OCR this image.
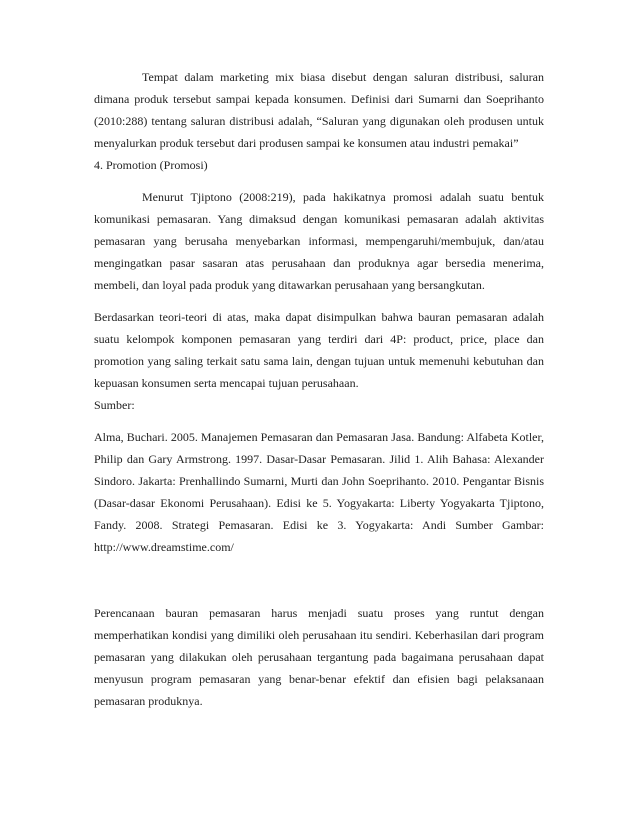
Tempat dalam marketing mix biasa disebut dengan saluran distribusi, saluran dimana produk tersebut sampai kepada konsumen. Definisi dari Sumarni dan Soeprihanto (2010:288) tentang saluran distribusi adalah, “Saluran yang digunakan oleh produsen untuk menyalurkan produk tersebut dari produsen sampai ke konsumen atau industri pemakai”

4. Promotion (Promosi)

Menurut Tjiptono (2008:219), pada hakikatnya promosi adalah suatu bentuk komunikasi pemasaran. Yang dimaksud dengan komunikasi pemasaran adalah aktivitas pemasaran yang berusaha menyebarkan informasi, mempengaruhi/membujuk, dan/atau mengingatkan pasar sasaran atas perusahaan dan produknya agar bersedia menerima, membeli, dan loyal pada produk yang ditawarkan perusahaan yang bersangkutan.

Berdasarkan teori-teori di atas, maka dapat disimpulkan bahwa bauran pemasaran adalah suatu kelompok komponen pemasaran yang terdiri dari 4P: product, price, place dan promotion yang saling terkait satu sama lain, dengan tujuan untuk memenuhi kebutuhan dan kepuasan konsumen serta mencapai tujuan perusahaan.

Sumber:

Alma, Buchari. 2005. Manajemen Pemasaran dan Pemasaran Jasa. Bandung: Alfabeta Kotler, Philip dan Gary Armstrong. 1997. Dasar-Dasar Pemasaran. Jilid 1. Alih Bahasa: Alexander Sindoro. Jakarta: Prenhallindo Sumarni, Murti dan John Soeprihanto. 2010. Pengantar Bisnis (Dasar-dasar Ekonomi Perusahaan). Edisi ke 5. Yogyakarta: Liberty Yogyakarta Tjiptono, Fandy. 2008. Strategi Pemasaran. Edisi ke 3. Yogyakarta: Andi Sumber Gambar: http://www.dreamstime.com/

Perencanaan bauran pemasaran harus menjadi suatu proses yang runtut dengan memperhatikan kondisi yang dimiliki oleh perusahaan itu sendiri. Keberhasilan dari program pemasaran yang dilakukan oleh perusahaan tergantung pada bagaimana perusahaan dapat menyusun program pemasaran yang benar-benar efektif dan efisien bagi pelaksanaan pemasaran produknya.
